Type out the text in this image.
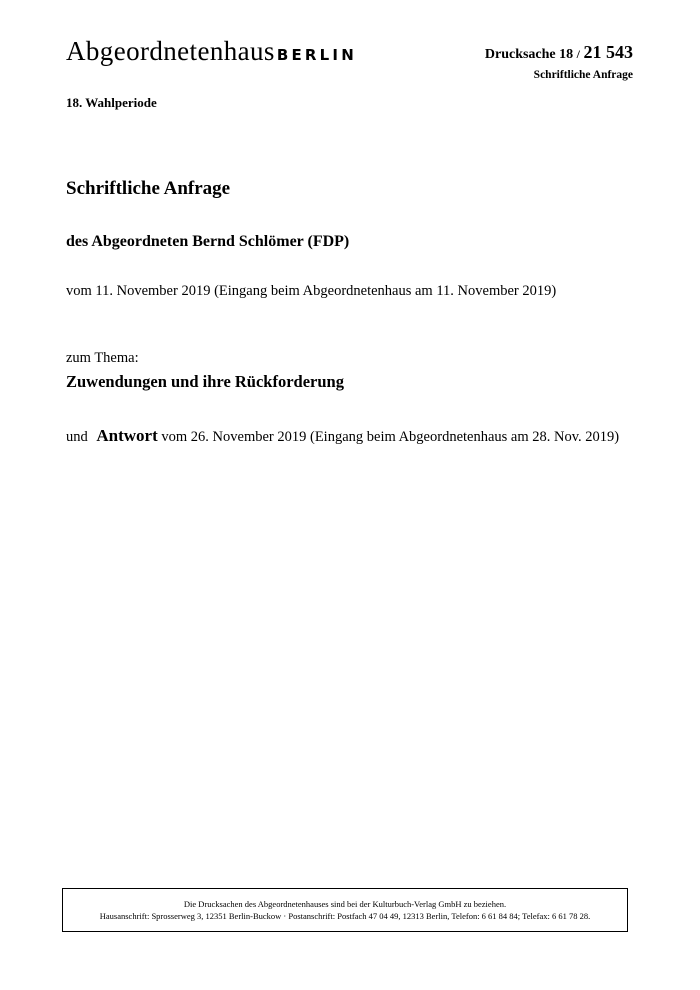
Abgeordnetenhaus BERLIN	Drucksache 18 / 21 543
Schriftliche Anfrage
18. Wahlperiode
Schriftliche Anfrage
des Abgeordneten Bernd Schlömer (FDP)
vom 11. November 2019 (Eingang beim Abgeordnetenhaus am 11. November 2019)
zum Thema:
Zuwendungen und ihre Rückforderung
und Antwort vom 26. November 2019 (Eingang beim Abgeordnetenhaus am 28. Nov. 2019)
Die Drucksachen des Abgeordnetenhauses sind bei der Kulturbuch-Verlag GmbH zu beziehen.
Hausanschrift: Sprosserweg 3, 12351 Berlin-Buckow · Postanschrift: Postfach 47 04 49, 12313 Berlin, Telefon: 6 61 84 84; Telefax: 6 61 78 28.
